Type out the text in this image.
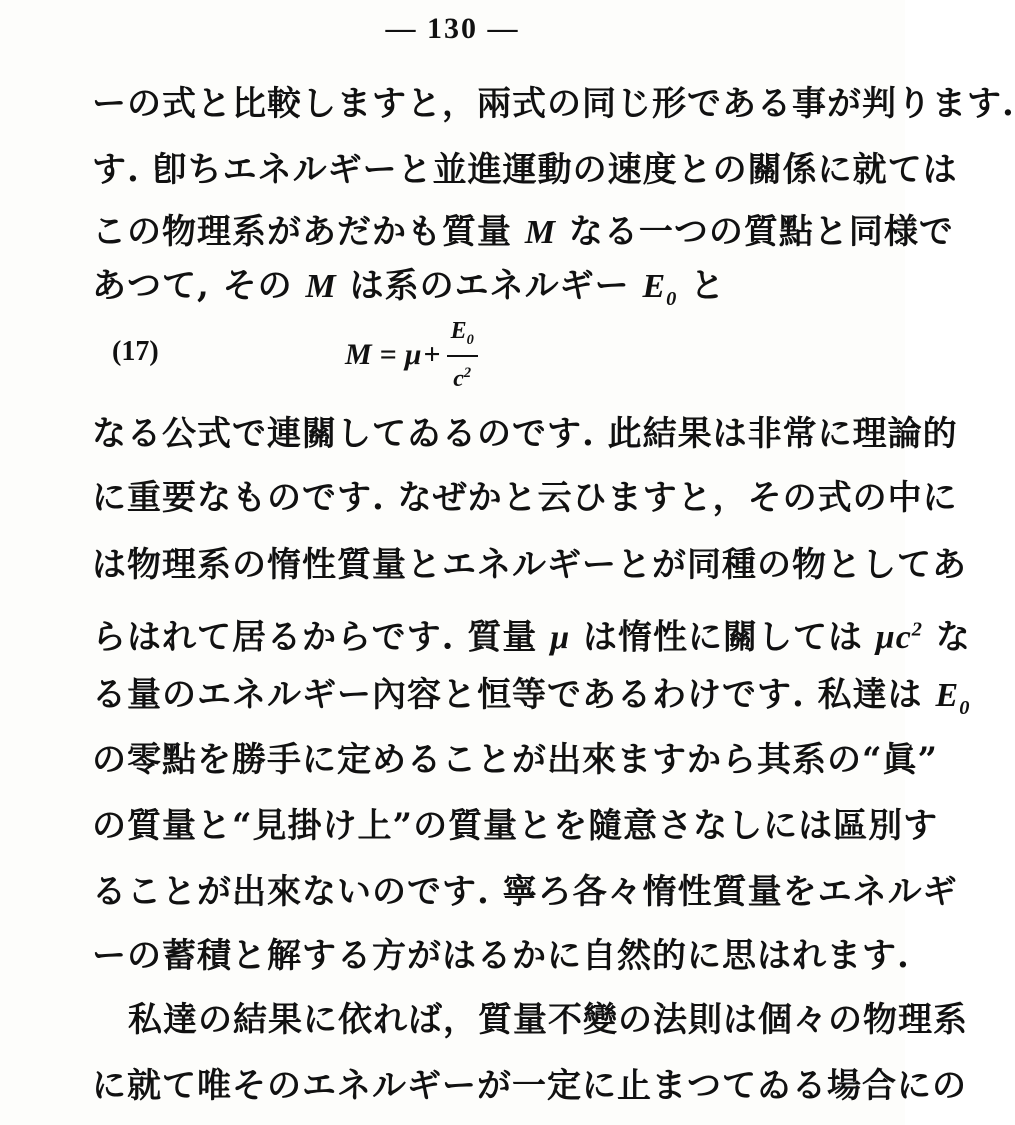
— 130 —
ーの式と比較しますと，兩式の同じ形である事が判ります.
す. 卽ちエネルギーと並進運動の速度との關係に就ては
この物理系があだかも質量 M なる一つの質點と同様で
あつて, その M は系のエネルギー $E_0$ と
(17)	$M = \mu + \frac{E_0}{c^2}$
なる公式で連關してゐるのです. 此結果は非常に理論的
に重要なものです. なぜかと云ひますと，その式の中に
は物理系の惰性質量とエネルギーとが同種の物としてあ
らはれて居るからです. 質量 μ は惰性に關しては $\mu c^2$ な
る量のエネルギー內容と恒等であるわけです. 私達は $E_0$
の零點を勝手に定めることが出來ますから其系の“眞”
の質量と“見掛け上”の質量とを隨意さなしには區別す
ることが出來ないのです. 寧ろ各々惰性質量をエネルギ
ーの蓄積と解する方がはるかに自然的に思はれます.
私達の結果に依れば，質量不變の法則は個々の物理系
に就て唯そのエネルギーが一定に止まつてゐる場合にの
